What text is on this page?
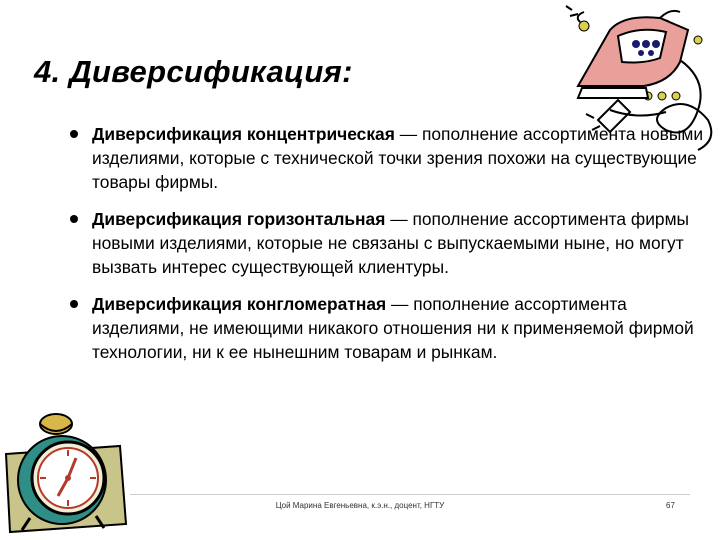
4. Диверсификация:
Диверсификация концентрическая — пополнение ассортимента новыми изделиями, которые с технической точки зрения похожи на существующие товары фирмы.
Диверсификация горизонтальная — пополнение ассортимента фирмы новыми изделиями, которые не связаны с выпускаемыми ныне, но могут вызвать интерес существующей клиентуры.
Диверсификация конгломератная — пополнение ассортимента изделиями, не имеющими никакого отношения ни к применяемой фирмой технологии, ни к ее нынешним товарам и рынкам.
Цой Марина Евгеньевна, к.э.н., доцент, НГТУ	67
